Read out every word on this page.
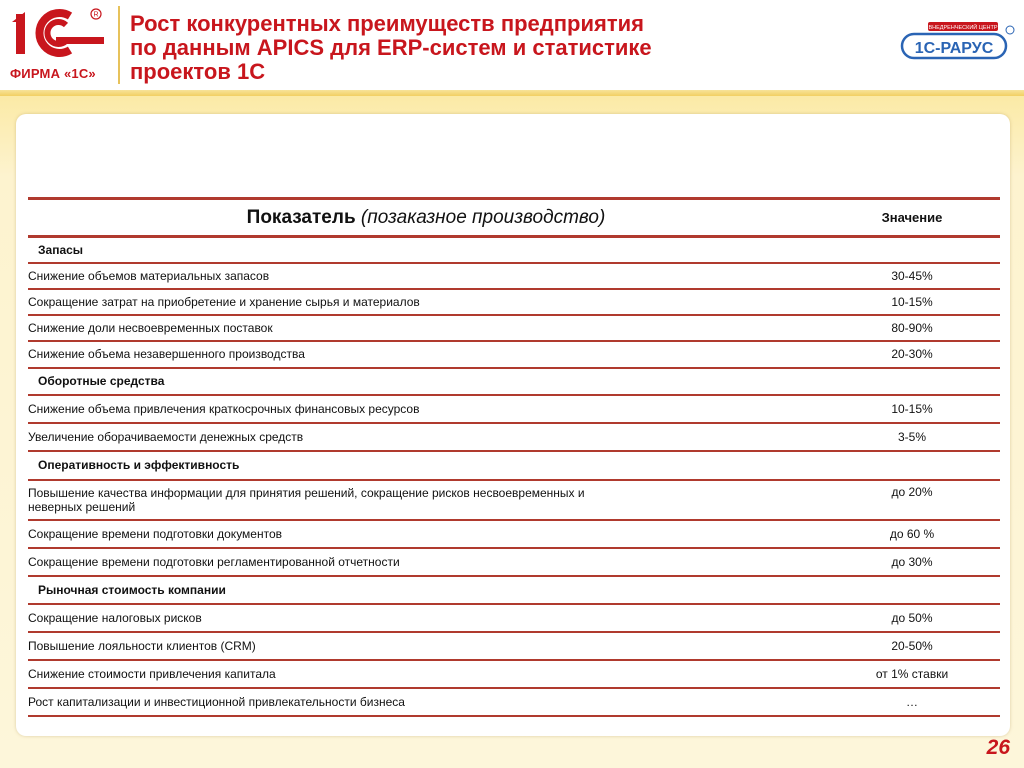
R
ФИРМА «1С»
Рост конкурентных преимуществ предприятия
по данным APICS для ERP-систем и статистике
проектов 1С
ВНЕДРЕНЧЕСКИЙ ЦЕНТР
1С-РАРУС
Показатель (позаказное производство)	Значение
Запасы	
Снижение объемов материальных запасов	30-45%
Сокращение затрат на приобретение и хранение сырья и материалов	10-15%
Снижение доли несвоевременных поставок	80-90%
Снижение объема незавершенного производства	20-30%
Оборотные средства	
Снижение объема привлечения краткосрочных финансовых ресурсов	10-15%
Увеличение оборачиваемости денежных средств	3-5%
Оперативность и эффективность	
Повышение качества информации для принятия решений, сокращение рисков несвоевременных и неверных решений	до 20%
Сокращение времени подготовки документов	до 60 %
Сокращение времени подготовки регламентированной отчетности	до 30%
Рыночная стоимость компании	
Сокращение налоговых рисков	до 50%
Повышение лояльности клиентов (CRM)	20-50%
Снижение стоимости привлечения капитала	от 1% ставки
Рост капитализации и инвестиционной привлекательности бизнеса	…
26
